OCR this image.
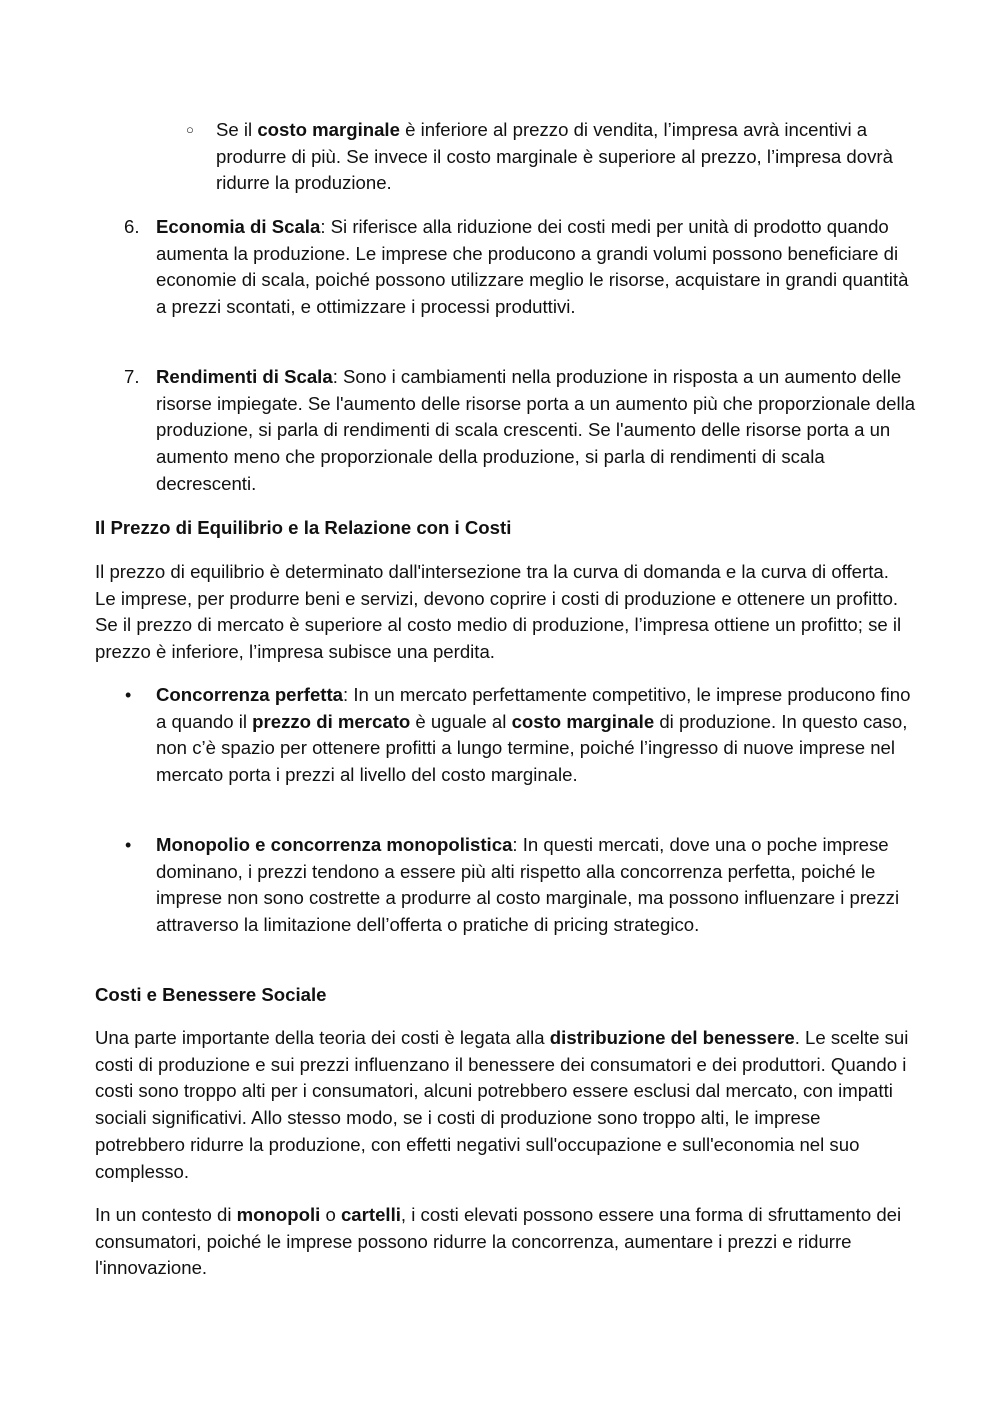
○ Se il costo marginale è inferiore al prezzo di vendita, l’impresa avrà incentivi a produrre di più. Se invece il costo marginale è superiore al prezzo, l’impresa dovrà ridurre la produzione.
6. Economia di Scala: Si riferisce alla riduzione dei costi medi per unità di prodotto quando aumenta la produzione. Le imprese che producono a grandi volumi possono beneficiare di economie di scala, poiché possono utilizzare meglio le risorse, acquistare in grandi quantità a prezzi scontati, e ottimizzare i processi produttivi.
7. Rendimenti di Scala: Sono i cambiamenti nella produzione in risposta a un aumento delle risorse impiegate. Se l'aumento delle risorse porta a un aumento più che proporzionale della produzione, si parla di rendimenti di scala crescenti. Se l'aumento delle risorse porta a un aumento meno che proporzionale della produzione, si parla di rendimenti di scala decrescenti.
Il Prezzo di Equilibrio e la Relazione con i Costi
Il prezzo di equilibrio è determinato dall'intersezione tra la curva di domanda e la curva di offerta. Le imprese, per produrre beni e servizi, devono coprire i costi di produzione e ottenere un profitto. Se il prezzo di mercato è superiore al costo medio di produzione, l’impresa ottiene un profitto; se il prezzo è inferiore, l’impresa subisce una perdita.
• Concorrenza perfetta: In un mercato perfettamente competitivo, le imprese producono fino a quando il prezzo di mercato è uguale al costo marginale di produzione. In questo caso, non c’è spazio per ottenere profitti a lungo termine, poiché l’ingresso di nuove imprese nel mercato porta i prezzi al livello del costo marginale.
• Monopolio e concorrenza monopolistica: In questi mercati, dove una o poche imprese dominano, i prezzi tendono a essere più alti rispetto alla concorrenza perfetta, poiché le imprese non sono costrette a produrre al costo marginale, ma possono influenzare i prezzi attraverso la limitazione dell’offerta o pratiche di pricing strategico.
Costi e Benessere Sociale
Una parte importante della teoria dei costi è legata alla distribuzione del benessere. Le scelte sui costi di produzione e sui prezzi influenzano il benessere dei consumatori e dei produttori. Quando i costi sono troppo alti per i consumatori, alcuni potrebbero essere esclusi dal mercato, con impatti sociali significativi. Allo stesso modo, se i costi di produzione sono troppo alti, le imprese potrebbero ridurre la produzione, con effetti negativi sull'occupazione e sull'economia nel suo complesso.
In un contesto di monopoli o cartelli, i costi elevati possono essere una forma di sfruttamento dei consumatori, poiché le imprese possono ridurre la concorrenza, aumentare i prezzi e ridurre l'innovazione.
